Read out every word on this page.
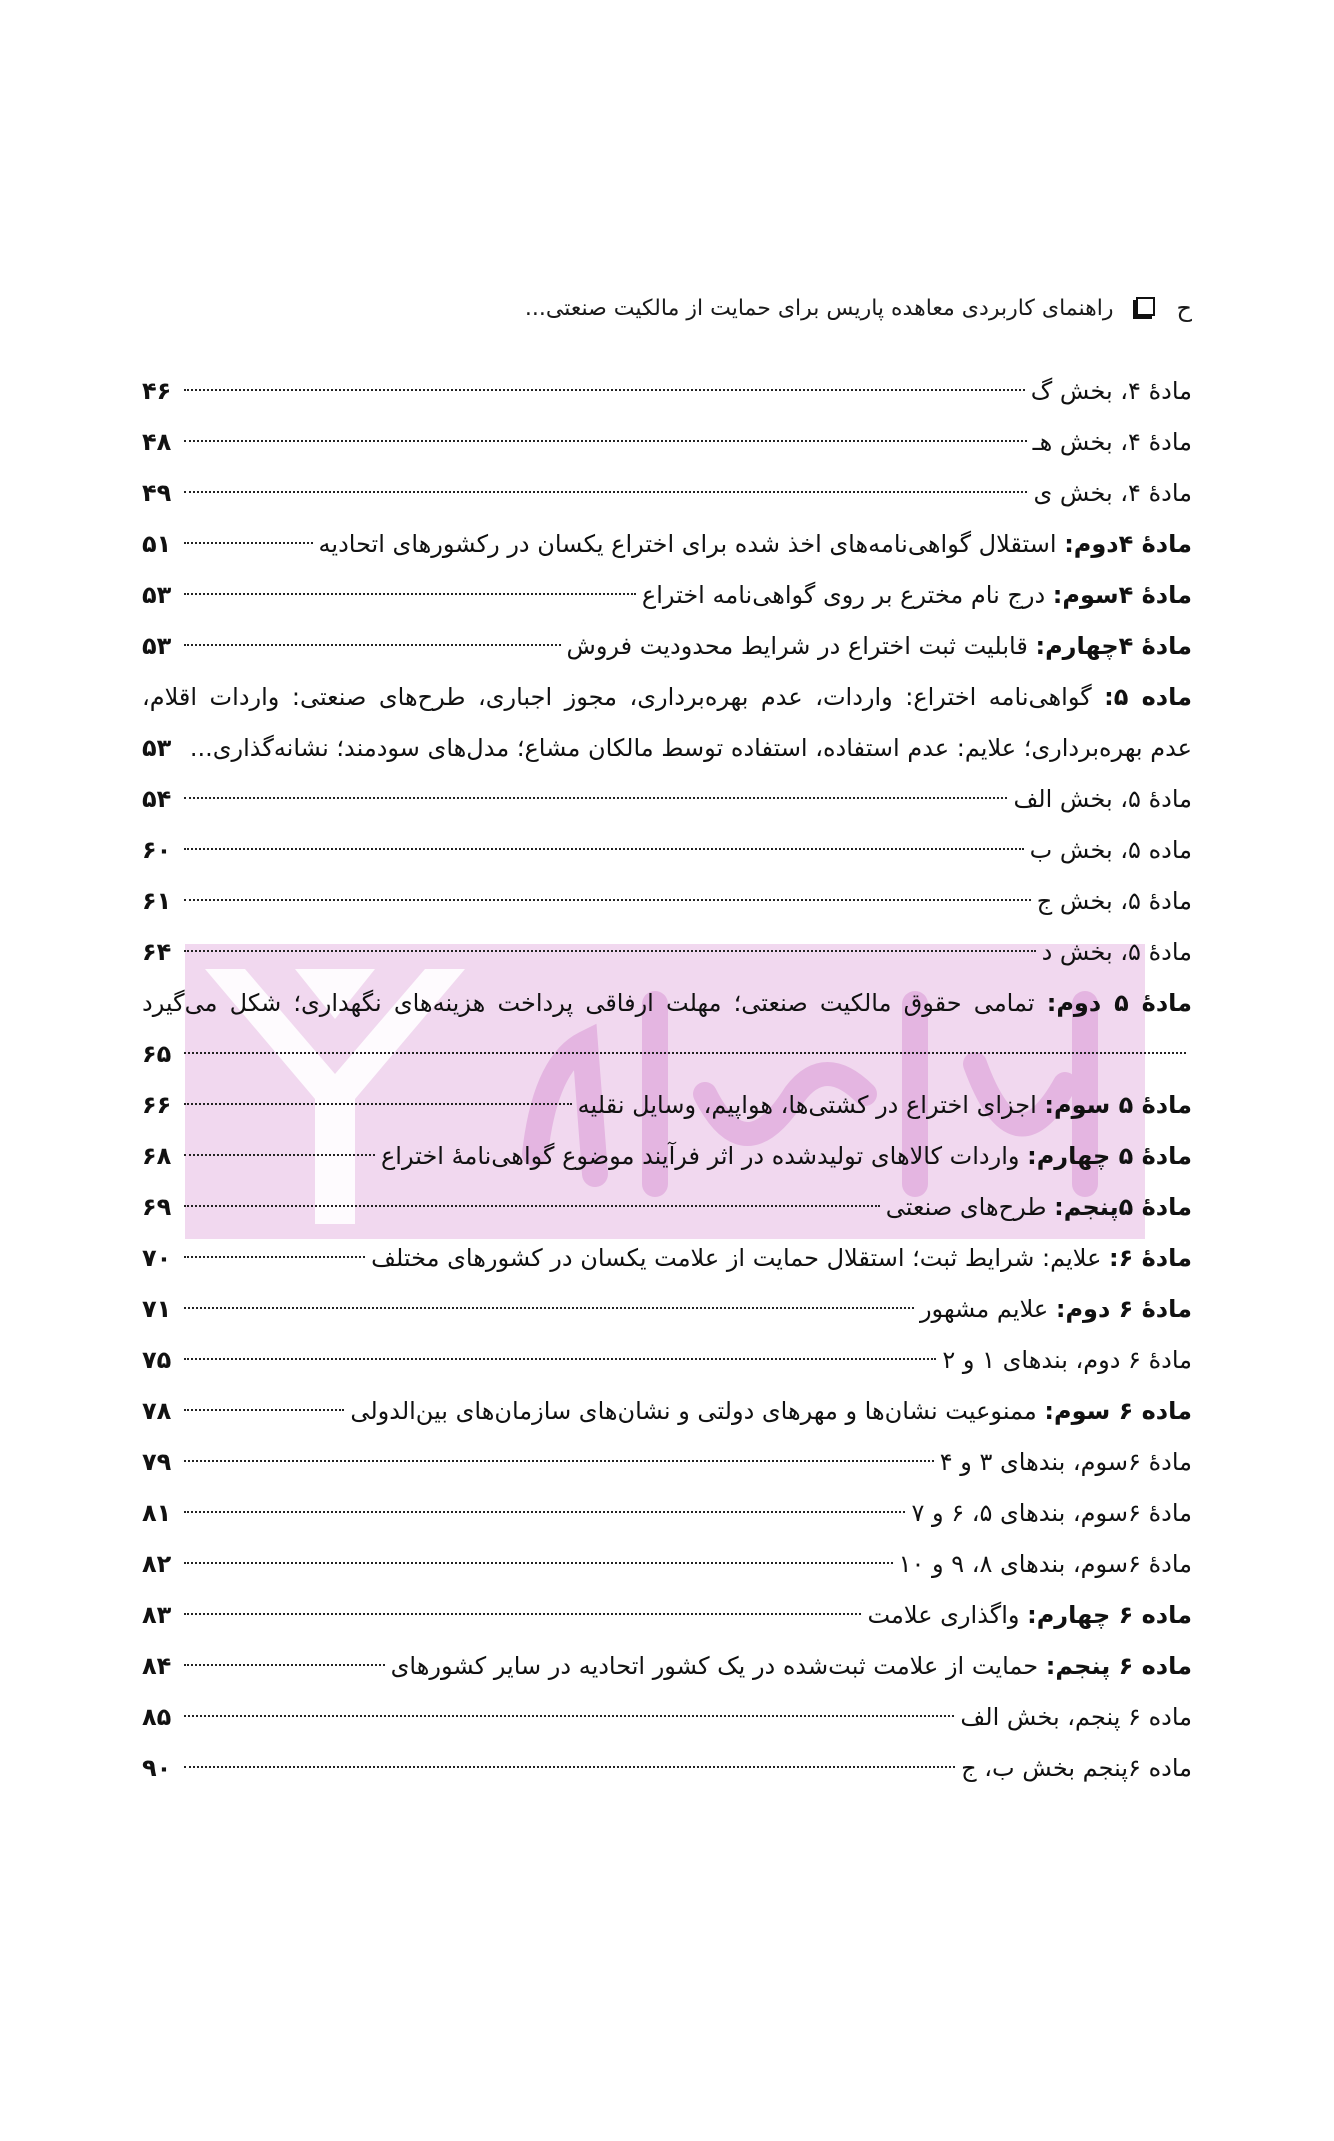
ح
راهنمای کاربردی معاهده پاریس برای حمایت از مالکیت صنعتی...
مادهٔ ۴، بخش گ
۴۶
مادهٔ ۴، بخش هـ
۴۸
مادهٔ ۴، بخش ی
۴۹
مادهٔ ۴دوم: استقلال گواهی‌نامه‌های اخذ شده برای اختراع یکسان در رکشورهای اتحادیه
۵۱
مادهٔ ۴سوم: درج نام مخترع بر روی گواهی‌نامه اختراع
۵۳
مادهٔ ۴چهارم: قابلیت ثبت اختراع در شرایط محدودیت فروش
۵۳
ماده ۵: گواهی‌نامه اختراع: واردات، عدم بهره‌برداری، مجوز اجباری، طرح‌های صنعتی: واردات اقلام،
عدم بهره‌برداری؛ علایم: عدم استفاده، استفاده توسط مالکان مشاع؛ مدل‌های سودمند؛ نشانه‌گذاری...
۵۳
مادهٔ ۵، بخش الف
۵۴
ماده ۵، بخش ب
۶۰
مادهٔ ۵، بخش ج
۶۱
مادهٔ ۵، بخش د
۶۴
مادهٔ ۵ دوم: تمامی حقوق مالکیت صنعتی؛ مهلت ارفاقی پرداخت هزینه‌های نگهداری؛ شکل می‌گیرد
۶۵
مادهٔ ۵ سوم: اجزای اختراع در کشتی‌ها، هواپیم، وسایل نقلیه
۶۶
مادهٔ ۵ چهارم: واردات کالاهای تولیدشده در اثر فرآیند موضوع گواهی‌نامهٔ اختراع
۶۸
مادهٔ ۵پنجم: طرح‌های صنعتی
۶۹
مادهٔ ۶: علایم: شرایط ثبت؛ استقلال حمایت از علامت یکسان در کشورهای مختلف
۷۰
مادهٔ ۶ دوم: علایم مشهور
۷۱
مادهٔ ۶ دوم، بندهای ۱ و ۲
۷۵
ماده ۶ سوم: ممنوعیت نشان‌ها و مهرهای دولتی و نشان‌های سازمان‌های بین‌الدولی
۷۸
مادهٔ ۶سوم، بندهای ۳ و ۴
۷۹
مادهٔ ۶سوم، بندهای ۵، ۶ و ۷
۸۱
مادهٔ ۶سوم، بندهای ۸، ۹ و ۱۰
۸۲
ماده ۶ چهارم: واگذاری علامت
۸۳
ماده ۶ پنجم: حمایت از علامت ثبت‌شده در یک کشور اتحادیه در سایر کشورهای
۸۴
ماده ۶ پنجم، بخش الف
۸۵
ماده ۶پنجم بخش ب، ج
۹۰
